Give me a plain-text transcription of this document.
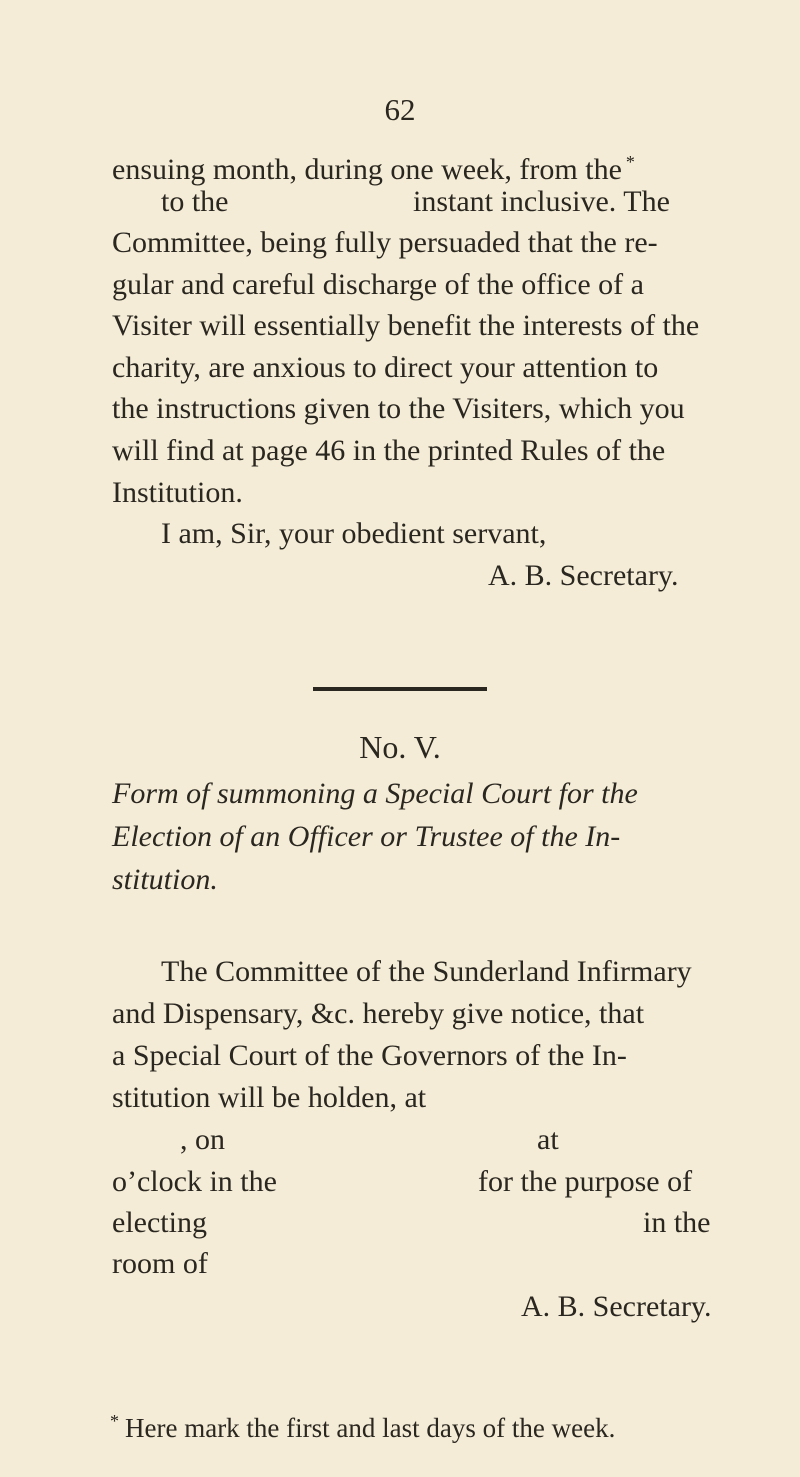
62
ensuing month, during one week, from the *
to the	instant inclusive. The
Committee, being fully persuaded that the re-
gular and careful discharge of the office of a
Visiter will essentially benefit the interests of the
charity, are anxious to direct your attention to
the instructions given to the Visiters, which you
will find at page 46 in the printed Rules of the
Institution.
I am, Sir, your obedient servant,
A. B. Secretary.
No. V.
Form of summoning a Special Court for the
Election of an Officer or Trustee of the In-
stitution.
The Committee of the Sunderland Infirmary
and Dispensary, &c. hereby give notice, that
a Special Court of the Governors of the In-
stitution will be holden, at
, on	at
o’clock in the	for the purpose of
electing	in the
room of
A. B. Secretary.
* Here mark the first and last days of the week.
